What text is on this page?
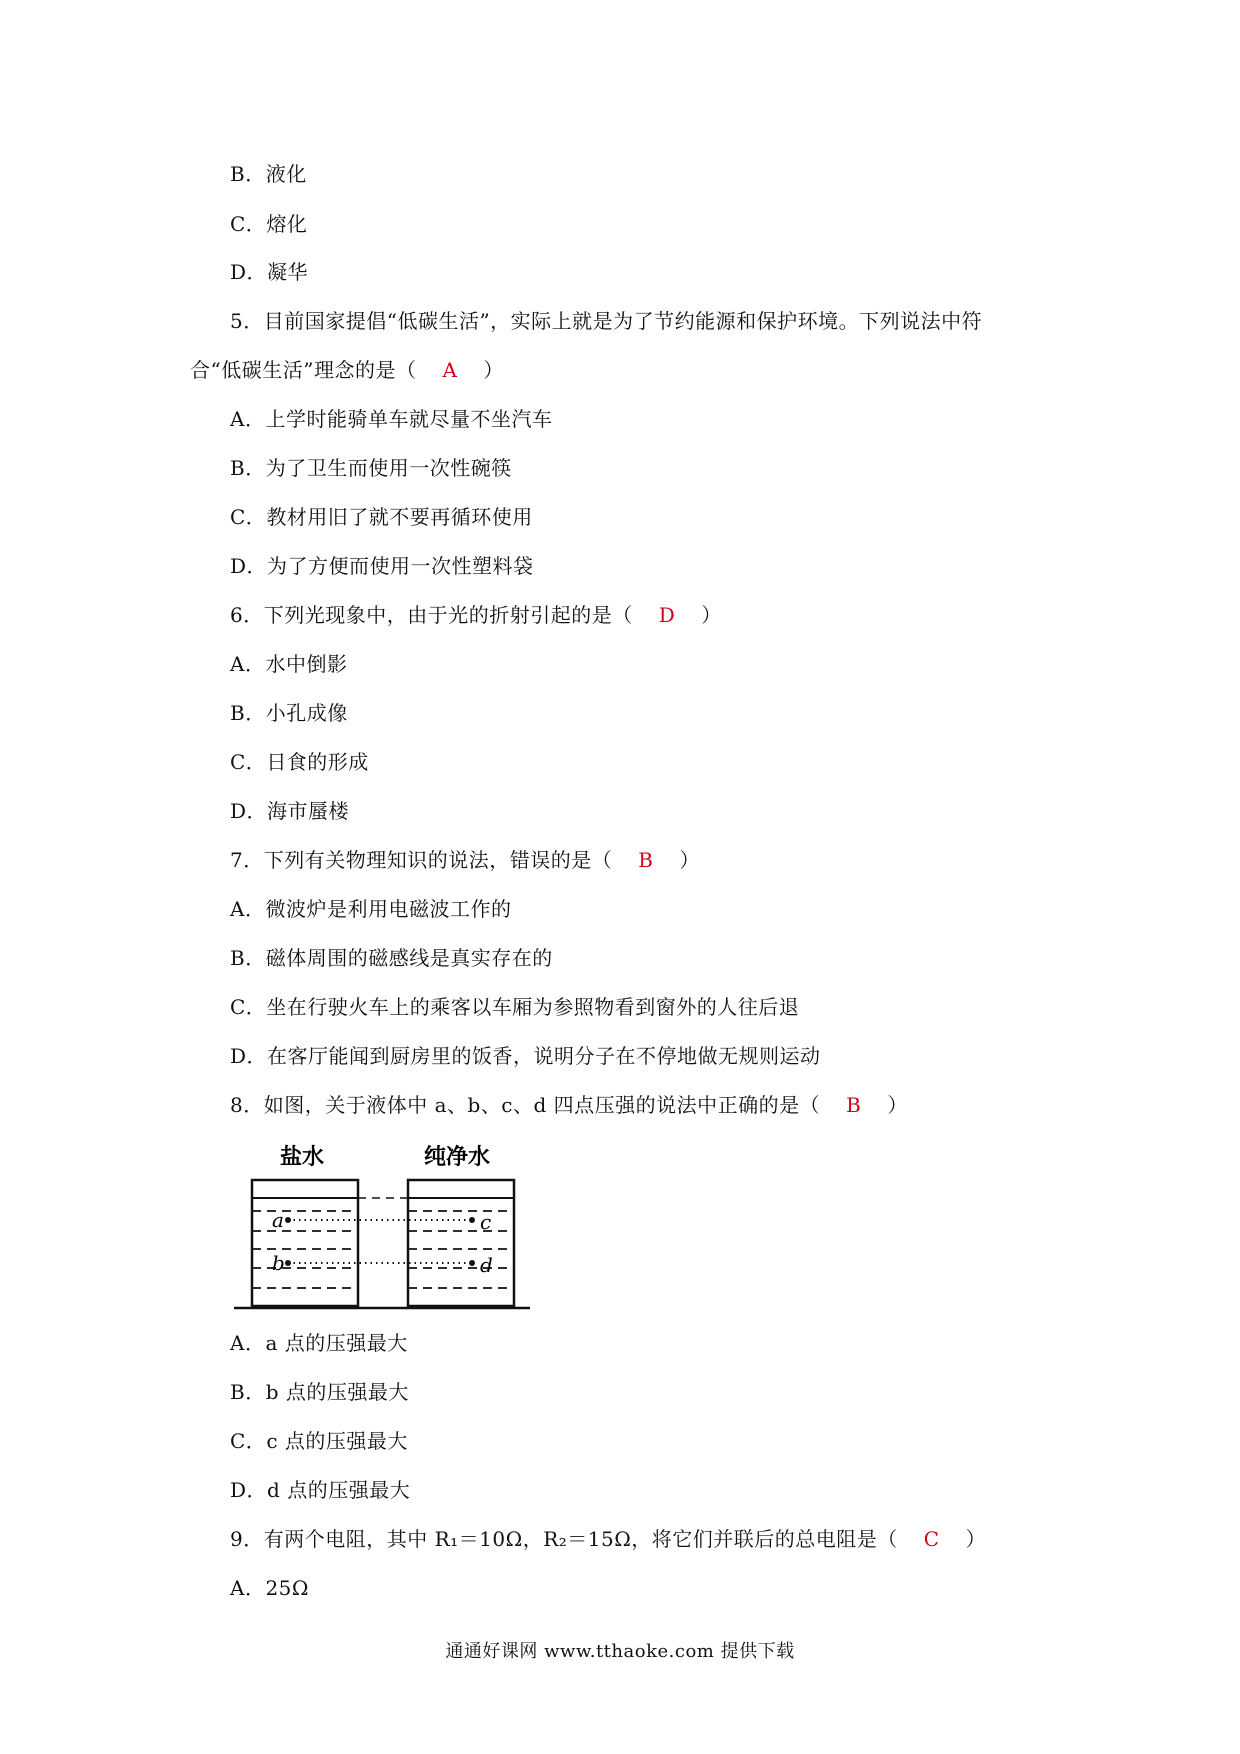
B．液化
C．熔化
D．凝华
5．目前国家提倡“低碳生活”，实际上就是为了节约能源和保护环境。下列说法中符
合“低碳生活”理念的是（ A ）
A．上学时能骑单车就尽量不坐汽车
B．为了卫生而使用一次性碗筷
C．教材用旧了就不要再循环使用
D．为了方便而使用一次性塑料袋
6．下列光现象中，由于光的折射引起的是（ D ）
A．水中倒影
B．小孔成像
C．日食的形成
D．海市蜃楼
7．下列有关物理知识的说法，错误的是（ B ）
A．微波炉是利用电磁波工作的
B．磁体周围的磁感线是真实存在的
C．坐在行驶火车上的乘客以车厢为参照物看到窗外的人往后退
D．在客厅能闻到厨房里的饭香，说明分子在不停地做无规则运动
8．如图，关于液体中 a、b、c、d 四点压强的说法中正确的是（ B ）
盐水	纯净水
a
b
c
d
A．a 点的压强最大
B．b 点的压强最大
C．c 点的压强最大
D．d 点的压强最大
9．有两个电阻，其中 R₁＝10Ω，R₂＝15Ω，将它们并联后的总电阻是（ C ）
A．25Ω
通通好课网 www.tthaoke.com 提供下载
